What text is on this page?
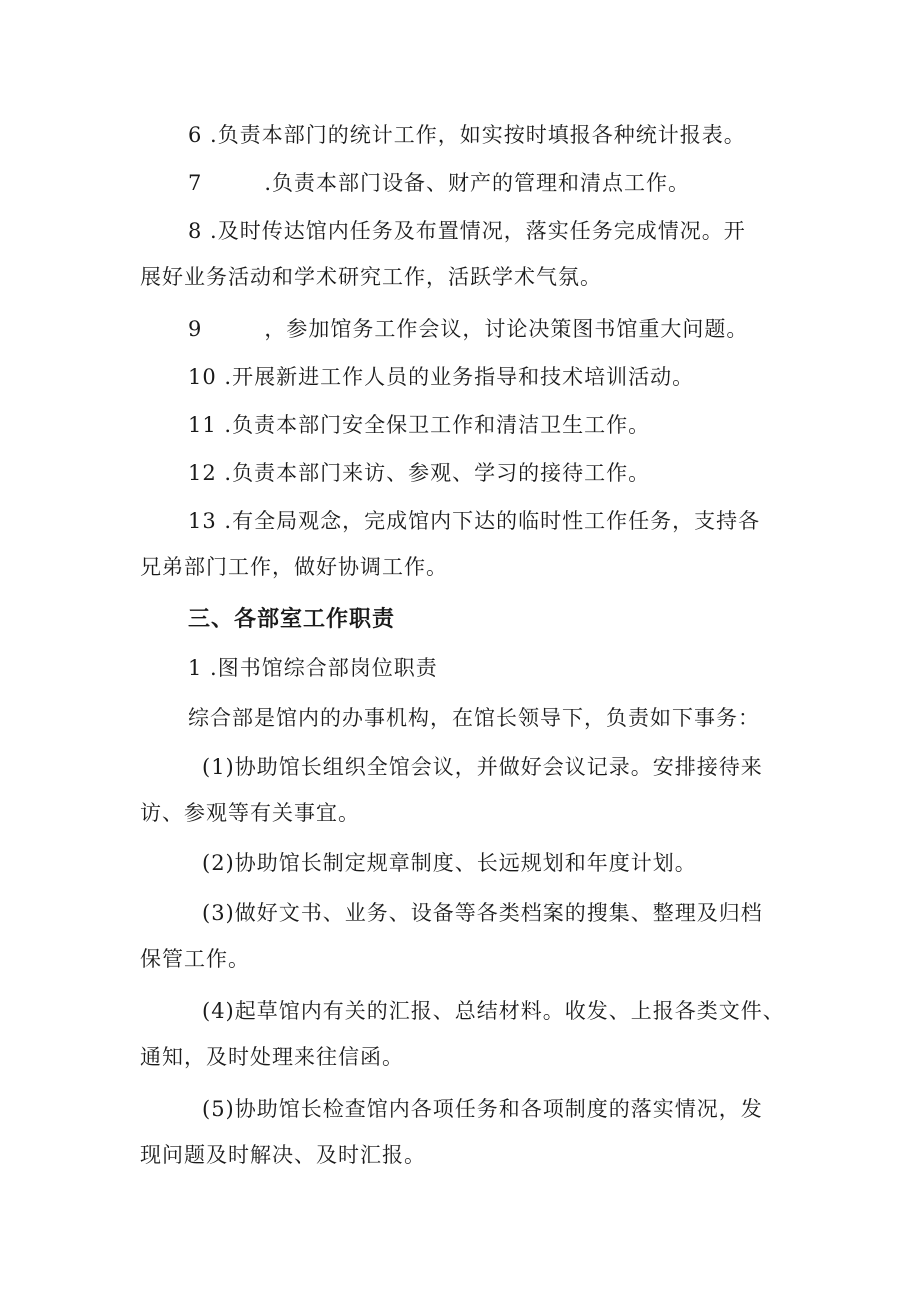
6 .负责本部门的统计工作，如实按时填报各种统计报表。
7	.负责本部门设备、财产的管理和清点工作。
8 .及时传达馆内任务及布置情况，落实任务完成情况。开
展好业务活动和学术研究工作，活跃学术气氛。
9	，参加馆务工作会议，讨论决策图书馆重大问题。
10 .开展新进工作人员的业务指导和技术培训活动。
11 .负责本部门安全保卫工作和清洁卫生工作。
12 .负责本部门来访、参观、学习的接待工作。
13 .有全局观念，完成馆内下达的临时性工作任务，支持各
兄弟部门工作，做好协调工作。
三、各部室工作职责
1 .图书馆综合部岗位职责
综合部是馆内的办事机构，在馆长领导下，负责如下事务：
(1)协助馆长组织全馆会议，并做好会议记录。安排接待来
访、参观等有关事宜。
(2)协助馆长制定规章制度、长远规划和年度计划。
(3)做好文书、业务、设备等各类档案的搜集、整理及归档
保管工作。
(4)起草馆内有关的汇报、总结材料。收发、上报各类文件、
通知，及时处理来往信函。
(5)协助馆长检查馆内各项任务和各项制度的落实情况，发
现问题及时解决、及时汇报。
